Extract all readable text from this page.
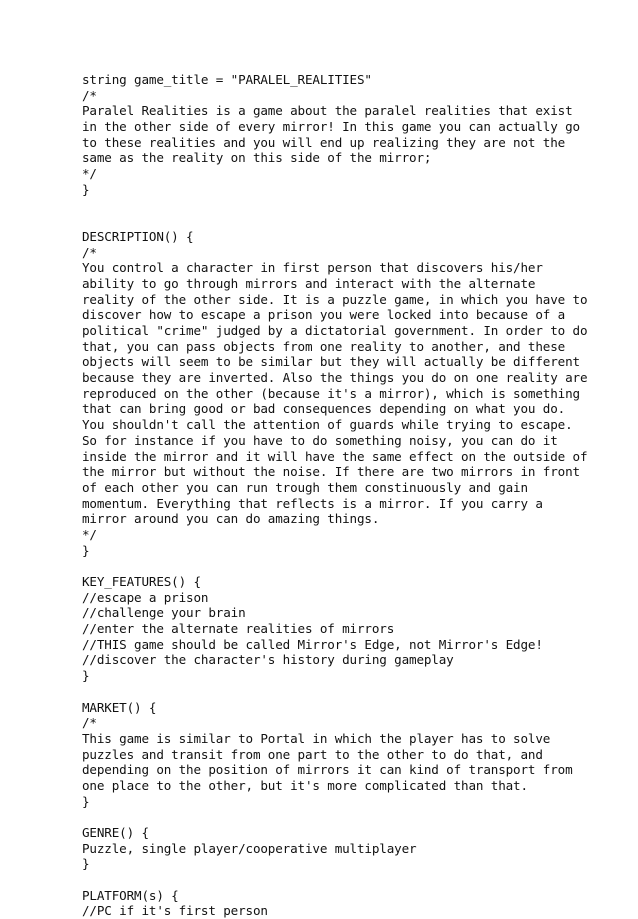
string game_title = "PARALEL_REALITIES"
/*
Paralel Realities is a game about the paralel realities that exist
in the other side of every mirror! In this game you can actually go
to these realities and you will end up realizing they are not the
same as the reality on this side of the mirror;
*/
}
DESCRIPTION() {
/*
You control a character in first person that discovers his/her
ability to go through mirrors and interact with the alternate
reality of the other side. It is a puzzle game, in which you have to
discover how to escape a prison you were locked into because of a
political "crime" judged by a dictatorial government. In order to do
that, you can pass objects from one reality to another, and these
objects will seem to be similar but they will actually be different
because they are inverted. Also the things you do on one reality are
reproduced on the other (because it's a mirror), which is something
that can bring good or bad consequences depending on what you do.
You shouldn't call the attention of guards while trying to escape.
So for instance if you have to do something noisy, you can do it
inside the mirror and it will have the same effect on the outside of
the mirror but without the noise. If there are two mirrors in front
of each other you can run trough them constinuously and gain
momentum. Everything that reflects is a mirror. If you carry a
mirror around you can do amazing things.
*/
}
KEY_FEATURES() {
//escape a prison
//challenge your brain
//enter the alternate realities of mirrors
//THIS game should be called Mirror's Edge, not Mirror's Edge!
//discover the character's history during gameplay
}
MARKET() {
/*
This game is similar to Portal in which the player has to solve
puzzles and transit from one part to the other to do that, and
depending on the position of mirrors it can kind of transport from
one place to the other, but it's more complicated than that.
}
GENRE() {
Puzzle, single player/cooperative multiplayer
}
PLATFORM(s) {
//PC if it's first person
